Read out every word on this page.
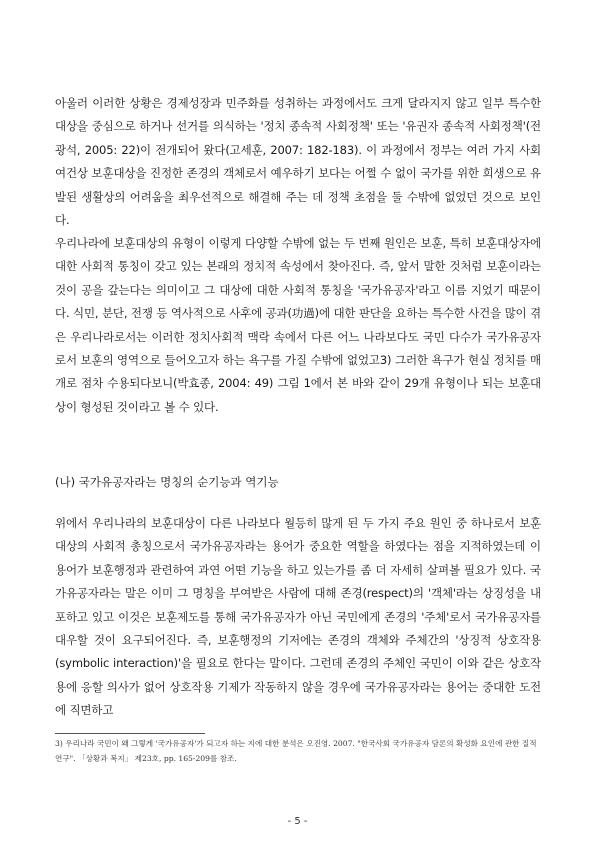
아울러 이러한 상황은 경제성장과 민주화를 성취하는 과정에서도 크게 달라지지 않고 일부 특수한 대상을 중심으로 하거나 선거를 의식하는 '정치 종속적 사회정책' 또는 '유권자 종속적 사회정책'(전광석, 2005: 22)이 전개되어 왔다(고세훈, 2007: 182-183). 이 과정에서 정부는 여러 가지 사회 여건상 보훈대상을 진정한 존경의 객체로서 예우하기 보다는 어쩔 수 없이 국가를 위한 희생으로 유발된 생활상의 어려움을 최우선적으로 해결해 주는 데 정책 초점을 둘 수밖에 없었던 것으로 보인다.

우리나라에 보훈대상의 유형이 이렇게 다양할 수밖에 없는 두 번째 원인은 보훈, 특히 보훈대상자에 대한 사회적 통칭이 갖고 있는 본래의 정치적 속성에서 찾아진다. 즉, 앞서 말한 것처럼 보훈이라는 것이 공을 갚는다는 의미이고 그 대상에 대한 사회적 통칭을 '국가유공자'라고 이름 지었기 때문이다. 식민, 분단, 전쟁 등 역사적으로 사후에 공과(功過)에 대한 판단을 요하는 특수한 사건을 많이 겪은 우리나라로서는 이러한 정치사회적 맥락 속에서 다른 어느 나라보다도 국민 다수가 국가유공자로서 보훈의 영역으로 들어오고자 하는 욕구를 가질 수밖에 없었고3) 그러한 욕구가 현실 정치를 매개로 점차 수용되다보니(박효종, 2004: 49) 그림 1에서 본 바와 같이 29개 유형이나 되는 보훈대상이 형성된 것이라고 볼 수 있다.

(나) 국가유공자라는 명칭의 순기능과 역기능

위에서 우리나라의 보훈대상이 다른 나라보다 월등히 많게 된 두 가지 주요 원인 중 하나로서 보훈대상의 사회적 총칭으로서 국가유공자라는 용어가 중요한 역할을 하였다는 점을 지적하였는데 이 용어가 보훈행정과 관련하여 과연 어떤 기능을 하고 있는가를 좀 더 자세히 살펴볼 필요가 있다. 국가유공자라는 말은 이미 그 명칭을 부여받은 사람에 대해 존경(respect)의 '객체'라는 상징성을 내포하고 있고 이것은 보훈제도를 통해 국가유공자가 아닌 국민에게 존경의 '주체'로서 국가유공자를 대우할 것이 요구되어진다. 즉, 보훈행정의 기저에는 존경의 객체와 주체간의 '상징적 상호작용(symbolic interaction)'을 필요로 한다는 말이다. 그런데 존경의 주체인 국민이 이와 같은 상호작용에 응할 의사가 없어 상호작용 기제가 작동하지 않을 경우에 국가유공자라는 용어는 중대한 도전에 직면하고

3) 우리나라 국민이 왜 그렇게 '국가유공자'가 되고자 하는 지에 대한 분석은 오진영. 2007. "한국사회 국가유공자 담론의 확성화 요인에 관한 질적 연구". 「상황과 복지」 제23호, pp. 165-209를 참조.

- 5 -
